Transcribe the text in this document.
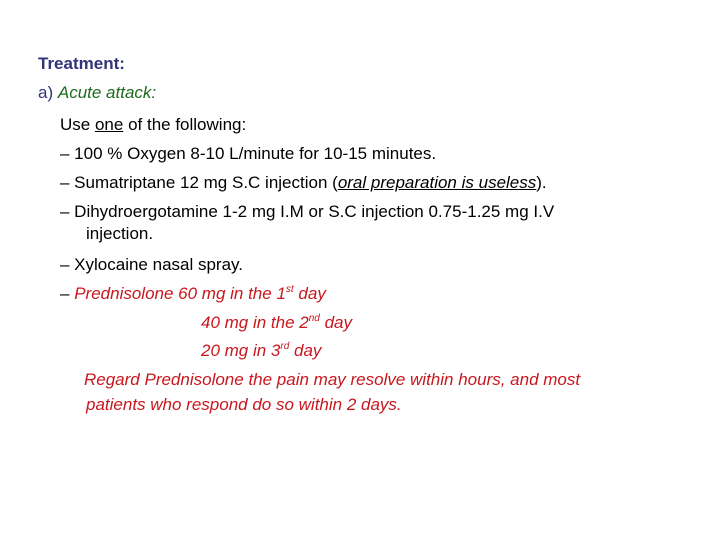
Treatment:
a) Acute attack:
Use one of the following:
– 100 % Oxygen 8-10 L/minute for 10-15 minutes.
– Sumatriptane 12 mg S.C injection (oral preparation is useless).
– Dihydroergotamine 1-2 mg I.M or S.C injection 0.75-1.25 mg I.V
injection.
– Xylocaine nasal spray.
– Prednisolone 60 mg in the 1st day
40 mg in the 2nd day
20 mg in 3rd day
Regard Prednisolone the pain may resolve within hours, and most
patients who respond do so within 2 days.
